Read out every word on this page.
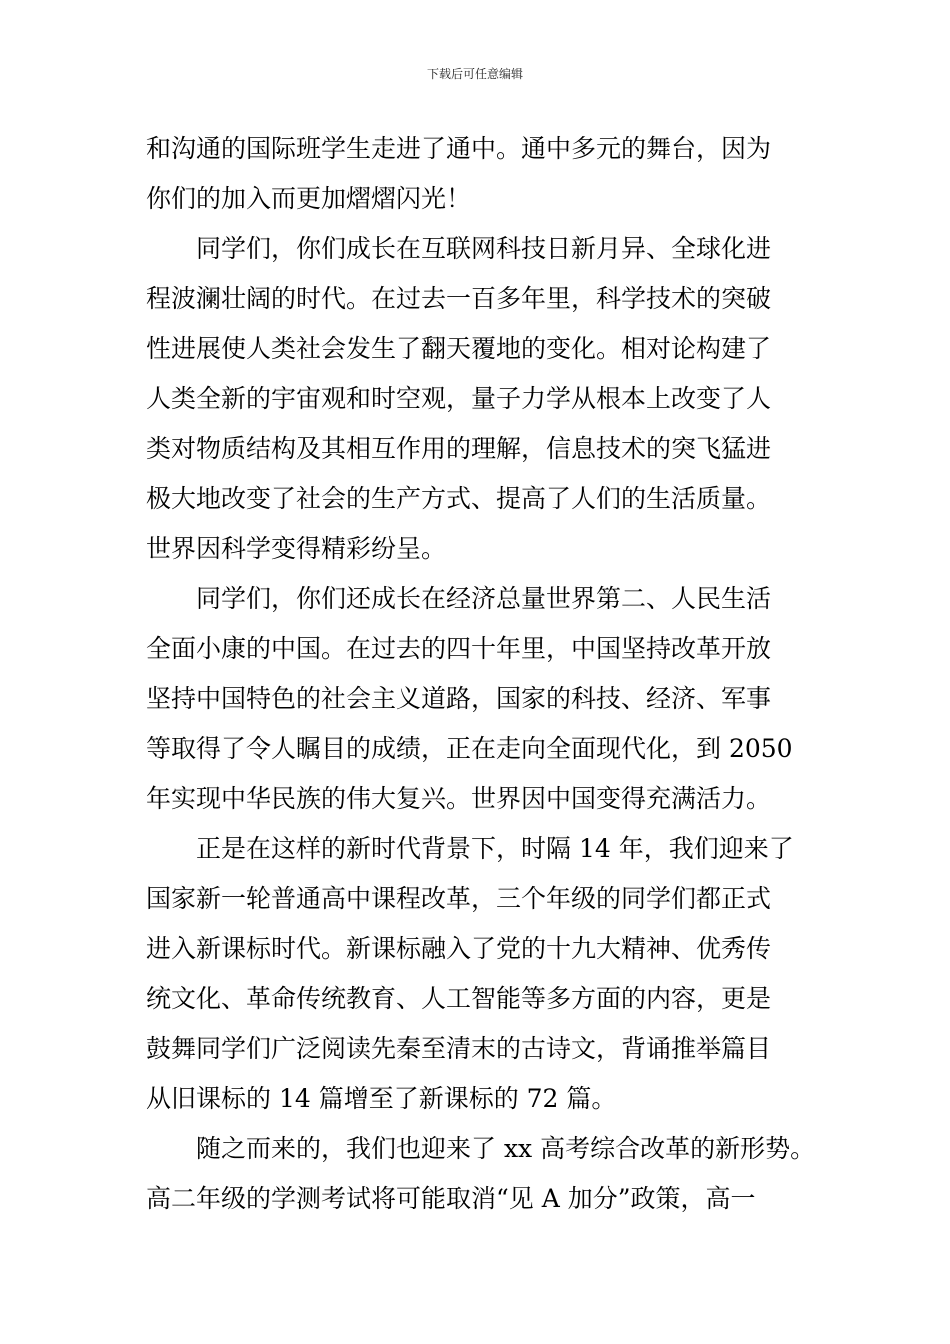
下载后可任意编辑
和沟通的国际班学生走进了通中。通中多元的舞台，因为
你们的加入而更加熠熠闪光！
同学们，你们成长在互联网科技日新月异、全球化进
程波澜壮阔的时代。在过去一百多年里，科学技术的突破
性进展使人类社会发生了翻天覆地的变化。相对论构建了
人类全新的宇宙观和时空观，量子力学从根本上改变了人
类对物质结构及其相互作用的理解，信息技术的突飞猛进
极大地改变了社会的生产方式、提高了人们的生活质量。
世界因科学变得精彩纷呈。
同学们，你们还成长在经济总量世界第二、人民生活
全面小康的中国。在过去的四十年里，中国坚持改革开放
坚持中国特色的社会主义道路，国家的科技、经济、军事
等取得了令人瞩目的成绩，正在走向全面现代化，到 2050
年实现中华民族的伟大复兴。世界因中国变得充满活力。
正是在这样的新时代背景下，时隔 14 年，我们迎来了
国家新一轮普通高中课程改革，三个年级的同学们都正式
进入新课标时代。新课标融入了党的十九大精神、优秀传
统文化、革命传统教育、人工智能等多方面的内容，更是
鼓舞同学们广泛阅读先秦至清末的古诗文，背诵推举篇目
从旧课标的 14 篇增至了新课标的 72 篇。
随之而来的，我们也迎来了 xx 高考综合改革的新形势。
高二年级的学测考试将可能取消“见 A 加分”政策，高一
